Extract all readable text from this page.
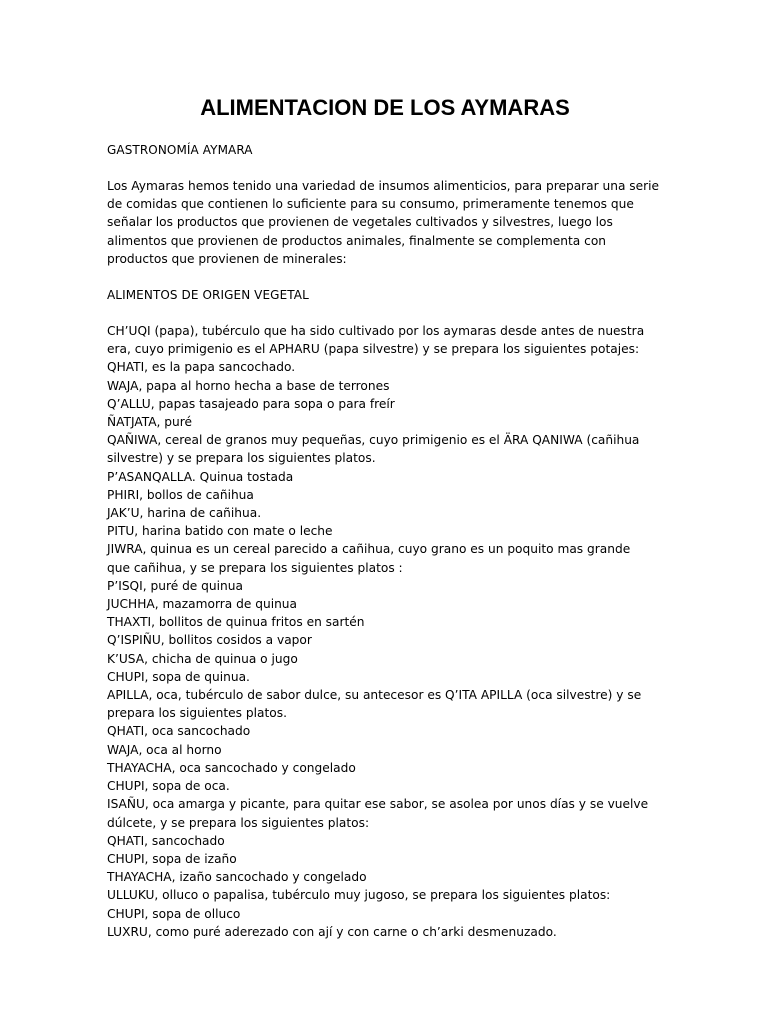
ALIMENTACION DE LOS AYMARAS

GASTRONOMÍA AYMARA

Los Aymaras hemos tenido una variedad de insumos alimenticios, para preparar una serie
de comidas que contienen lo suficiente para su consumo, primeramente tenemos que
señalar los productos que provienen de vegetales cultivados y silvestres, luego los
alimentos que provienen de productos animales, finalmente se complementa con
productos que provienen de minerales:

ALIMENTOS DE ORIGEN VEGETAL

CH’UQI (papa), tubérculo que ha sido cultivado por los aymaras desde antes de nuestra
era, cuyo primigenio es el APHARU (papa silvestre) y se prepara los siguientes potajes:
QHATI, es la papa sancochado.
WAJA, papa al horno hecha a base de terrones
Q’ALLU, papas tasajeado para sopa o para freír
ÑATJATA, puré
QAÑIWA, cereal de granos muy pequeñas, cuyo primigenio es el ÄRA QANIWA (cañihua
silvestre) y se prepara los siguientes platos.
P’ASANQALLA. Quinua tostada
PHIRI, bollos de cañihua
JAK’U, harina de cañihua.
PITU, harina batido con mate o leche
JIWRA, quinua es un cereal parecido a cañihua, cuyo grano es un poquito mas grande
que cañihua, y se prepara los siguientes platos :
P’ISQI, puré de quinua
JUCHHA, mazamorra de quinua
THAXTI, bollitos de quinua fritos en sartén
Q’ISPIÑU, bollitos cosidos a vapor
K’USA, chicha de quinua o jugo
CHUPI, sopa de quinua.
APILLA, oca, tubérculo de sabor dulce, su antecesor es Q’ITA APILLA (oca silvestre) y se
prepara los siguientes platos.
QHATI, oca sancochado
WAJA, oca al horno
THAYACHA, oca sancochado y congelado
CHUPI, sopa de oca.
ISAÑU, oca amarga y picante, para quitar ese sabor, se asolea por unos días y se vuelve
dúlcete, y se prepara los siguientes platos:
QHATI, sancochado
CHUPI, sopa de izaño
THAYACHA, izaño sancochado y congelado
ULLUKU, olluco o papalisa, tubérculo muy jugoso, se prepara los siguientes platos:
CHUPI, sopa de olluco
LUXRU, como puré aderezado con ají y con carne o ch’arki desmenuzado.
